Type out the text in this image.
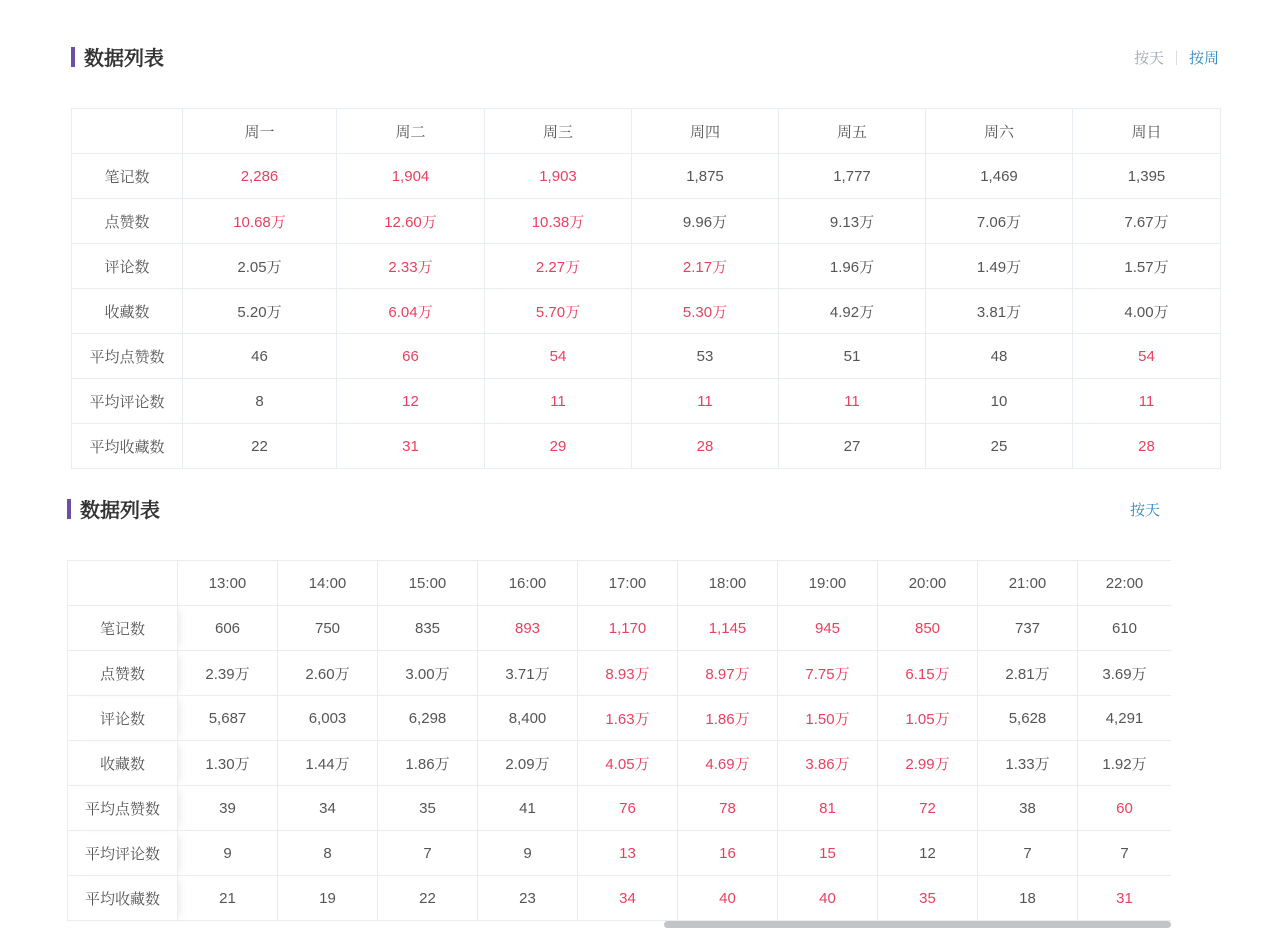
数据列表	按天 按周
	周一	周二	周三	周四	周五	周六	周日
笔记数	2,286	1,904	1,903	1,875	1,777	1,469	1,395
点赞数	10.68万	12.60万	10.38万	9.96万	9.13万	7.06万	7.67万
评论数	2.05万	2.33万	2.27万	2.17万	1.96万	1.49万	1.57万
收藏数	5.20万	6.04万	5.70万	5.30万	4.92万	3.81万	4.00万
平均点赞数	46	66	54	53	51	48	54
平均评论数	8	12	11	11	11	10	11
平均收藏数	22	31	29	28	27	25	28
数据列表	按天
	13:00	14:00	15:00	16:00	17:00	18:00	19:00	20:00	21:00	22:00
笔记数	606	750	835	893	1,170	1,145	945	850	737	610
点赞数	2.39万	2.60万	3.00万	3.71万	8.93万	8.97万	7.75万	6.15万	2.81万	3.69万
评论数	5,687	6,003	6,298	8,400	1.63万	1.86万	1.50万	1.05万	5,628	4,291
收藏数	1.30万	1.44万	1.86万	2.09万	4.05万	4.69万	3.86万	2.99万	1.33万	1.92万
平均点赞数	39	34	35	41	76	78	81	72	38	60
平均评论数	9	8	7	9	13	16	15	12	7	7
平均收藏数	21	19	22	23	34	40	40	35	18	31
